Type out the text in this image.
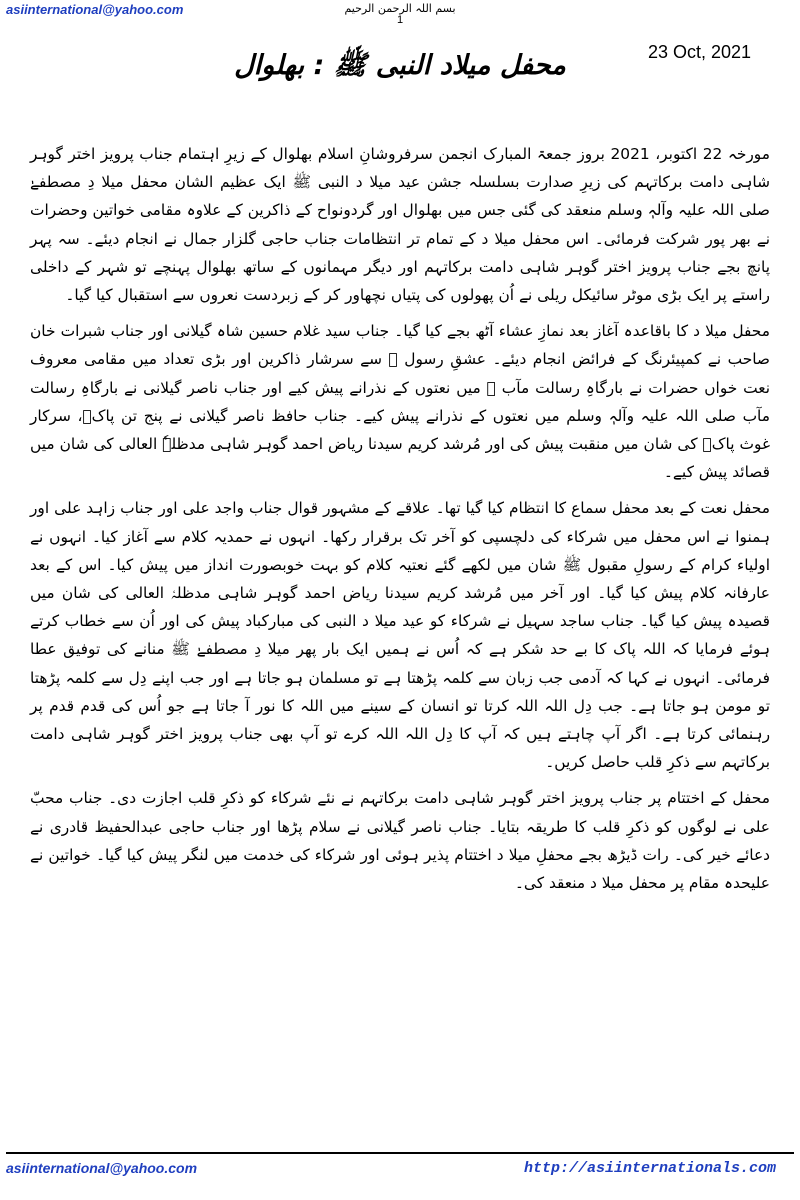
asiinternational@yahoo.com	بسم اللہ الرحمن الرحیم
1
23 Oct, 2021
محفل میلاد النبی ﷺ : بھلوال

مورخہ 22 اکتوبر، 2021 بروز جمعۃ المبارک انجمن سرفروشانِ اسلام بھلوال کے زیرِ اہتمام جناب پرویز اختر گوہر شاہی دامت برکاتہم کی زیرِ صدارت بسلسلہ جشن عید میلا د النبی ﷺ ایک عظیم الشان محفل میلا دِ مصطفےٰ صلی اللہ علیہ وآلہٖ وسلم منعقد کی گئی جس میں بھلوال اور گردونواح کے ذاکرین کے علاوہ مقامی خواتین وحضرات نے بھر پور شرکت فرمائی۔ اس محفل میلا د کے تمام تر انتظامات جناب حاجی گلزار جمال نے انجام دیئے۔ سہ پہر پانچ بجے جناب پرویز اختر گوہر شاہی دامت برکاتہم اور دیگر مہمانوں کے ساتھ بھلوال پہنچے تو شہر کے داخلی راستے پر ایک بڑی موٹر سائیکل ریلی نے اُن پھولوں کی پتیاں نچھاور کر کے زبردست نعروں سے استقبال کیا گیا۔

محفل میلا د کا باقاعدہ آغاز بعد نمازِ عشاء آٹھ بجے کیا گیا۔ جناب سید غلام حسین شاہ گیلانی اور جناب شبرات خان صاحب نے کمپیئرنگ کے فرائض انجام دیئے۔ عشقِ رسول ﷺ سے سرشار ذاکرین اور بڑی تعداد میں مقامی معروف نعت خواں حضرات نے بارگاہِ رسالت مآب ﷺ میں نعتوں کے نذرانے پیش کیے اور جناب ناصر گیلانی نے بارگاہِ رسالت مآب صلی اللہ علیہ وآلہٖ وسلم میں نعتوں کے نذرانے پیش کیے۔ جناب حافظ ناصر گیلانی نے پنج تن پاکؑ، سرکار غوث پاکؒ کی شان میں منقبت پیش کی اور مُرشد کریم سیدنا ریاض احمد گوہر شاہی مدظلہٗ العالی کی شان میں قصائد پیش کیے۔

محفل نعت کے بعد محفل سماع کا انتظام کیا گیا تھا۔ علاقے کے مشہور قوال جناب واجد علی اور جناب زاہد علی اور ہمنوا نے اس محفل میں شرکاء کی دلچسپی کو آخر تک برقرار رکھا۔ انہوں نے حمدیہ کلام سے آغاز کیا۔ انہوں نے اولیاء کرام کے رسولِ مقبول ﷺ شان میں لکھے گئے نعتیہ کلام کو بہت خوبصورت انداز میں پیش کیا۔ اس کے بعد عارفانہ کلام پیش کیا گیا۔ اور آخر میں مُرشد کریم سیدنا ریاض احمد گوہر شاہی مدظلہٗ العالی کی شان میں قصیدہ پیش کیا گیا۔ جناب ساجد سہیل نے شرکاء کو عید میلا د النبی کی مبارکباد پیش کی اور اُن سے خطاب کرتے ہوئے فرمایا کہ اللہ پاک کا بے حد شکر ہے کہ اُس نے ہمیں ایک بار پھر میلا دِ مصطفےٰ ﷺ منانے کی توفیق عطا فرمائی۔ انہوں نے کہا کہ آدمی جب زبان سے کلمہ پڑھتا ہے تو مسلمان ہو جاتا ہے اور جب اپنے دِل سے کلمہ پڑھتا تو مومن ہو جاتا ہے۔ جب دِل اللہ اللہ کرتا تو انسان کے سینے میں اللہ کا نور آ جاتا ہے جو اُس کی قدم قدم پر رہنمائی کرتا ہے۔ اگر آپ چاہتے ہیں کہ آپ کا دِل اللہ اللہ کرے تو آپ بھی جناب پرویز اختر گوہر شاہی دامت برکاتہم سے ذکرِ قلب حاصل کریں۔

محفل کے اختتام پر جناب پرویز اختر گوہر شاہی دامت برکاتہم نے نئے شرکاء کو ذکرِ قلب اجازت دی۔ جناب محبّ علی نے لوگوں کو ذکرِ قلب کا طریقہ بتایا۔ جناب ناصر گیلانی نے سلام پڑھا اور جناب حاجی عبدالحفیظ قادری نے دعائے خیر کی۔ رات ڈیڑھ بجے محفلِ میلا د اختتام پذیر ہوئی اور شرکاء کی خدمت میں لنگر پیش کیا گیا۔ خواتین نے علیحدہ مقام پر محفل میلا د منعقد کی۔

asiinternational@yahoo.com	http://asiinternationals.com
